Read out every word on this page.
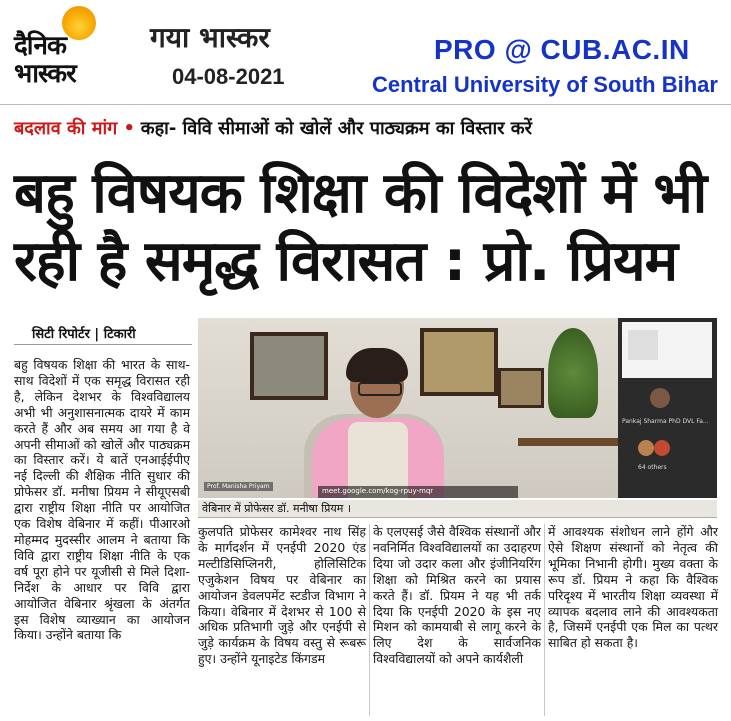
दैनिक
भास्कर
गया भास्कर
04-08-2021
PRO @ CUB.AC.IN
Central University of South Bihar
बदलाव की मांग • कहा- विवि सीमाओं को खोलें और पाठ्यक्रम का विस्तार करें
बहु विषयक शिक्षा की विदेशों में भी रही है समृद्ध विरासत : प्रो. प्रियम
सिटी रिपोर्टर | टिकारी
Pankaj Sharma PhD DVL Fa...
64 others
Prof. Manisha Priyam
meet.google.com/kog-rpuy-mqr
वेबिनार में प्रोफेसर डॉ. मनीषा प्रियम ।
बहु विषयक शिक्षा की भारत के साथ-साथ विदेशों में एक समृद्ध विरासत रही है, लेकिन देशभर के विश्वविद्यालय अभी भी अनुशासनात्मक दायरे में काम करते हैं और अब समय आ गया है वे अपनी सीमाओं को खोलें और पाठ्यक्रम का विस्तार करें। ये बातें एनआईईपीए नई दिल्ली की शैक्षिक नीति सुधार की प्रोफेसर डॉ. मनीषा प्रियम ने सीयूएसबी द्वारा राष्ट्रीय शिक्षा नीति पर आयोजित एक विशेष वेबिनार में कहीं। पीआरओ मोहम्मद मुदस्सीर आलम ने बताया कि विवि द्वारा राष्ट्रीय शिक्षा नीति के एक वर्ष पूरा होने पर यूजीसी से मिले दिशा-निर्देश के आधार पर विवि द्वारा आयोजित वेबिनार श्रृंखला के अंतर्गत इस विशेष व्याख्यान का आयोजन किया। उन्होंने बताया कि
कुलपति प्रोफेसर कामेश्वर नाथ सिंह के मार्गदर्शन में एनईपी 2020 एंड मल्टीडिसिप्लिनरी, होलिसिटिक एजुकेशन विषय पर वेबिनार का आयोजन डेवलपमेंट स्टडीज विभाग ने किया। वेबिनार में देशभर से 100 से अधिक प्रतिभागी जुड़े और एनईपी से जुड़े कार्यक्रम के विषय वस्तु से रूबरू हुए। उन्होंने यूनाइटेड किंगडम
के एलएसई जैसे वैश्विक संस्थानों और नवनिर्मित विश्वविद्यालयों का उदाहरण दिया जो उदार कला और इंजीनियरिंग शिक्षा को मिश्रित करने का प्रयास करते हैं। डॉ. प्रियम ने यह भी तर्क दिया कि एनईपी 2020 के इस नए मिशन को कामयाबी से लागू करने के लिए देश के सार्वजनिक विश्वविद्यालयों को अपने कार्यशैली
में आवश्यक संशोधन लाने होंगे और ऐसे शिक्षण संस्थानों को नेतृत्व की भूमिका निभानी होगी। मुख्य वक्ता के रूप डॉ. प्रियम ने कहा कि वैश्विक परिदृश्य में भारतीय शिक्षा व्यवस्था में व्यापक बदलाव लाने की आवश्यकता है, जिसमें एनईपी एक मिल का पत्थर साबित हो सकता है।
